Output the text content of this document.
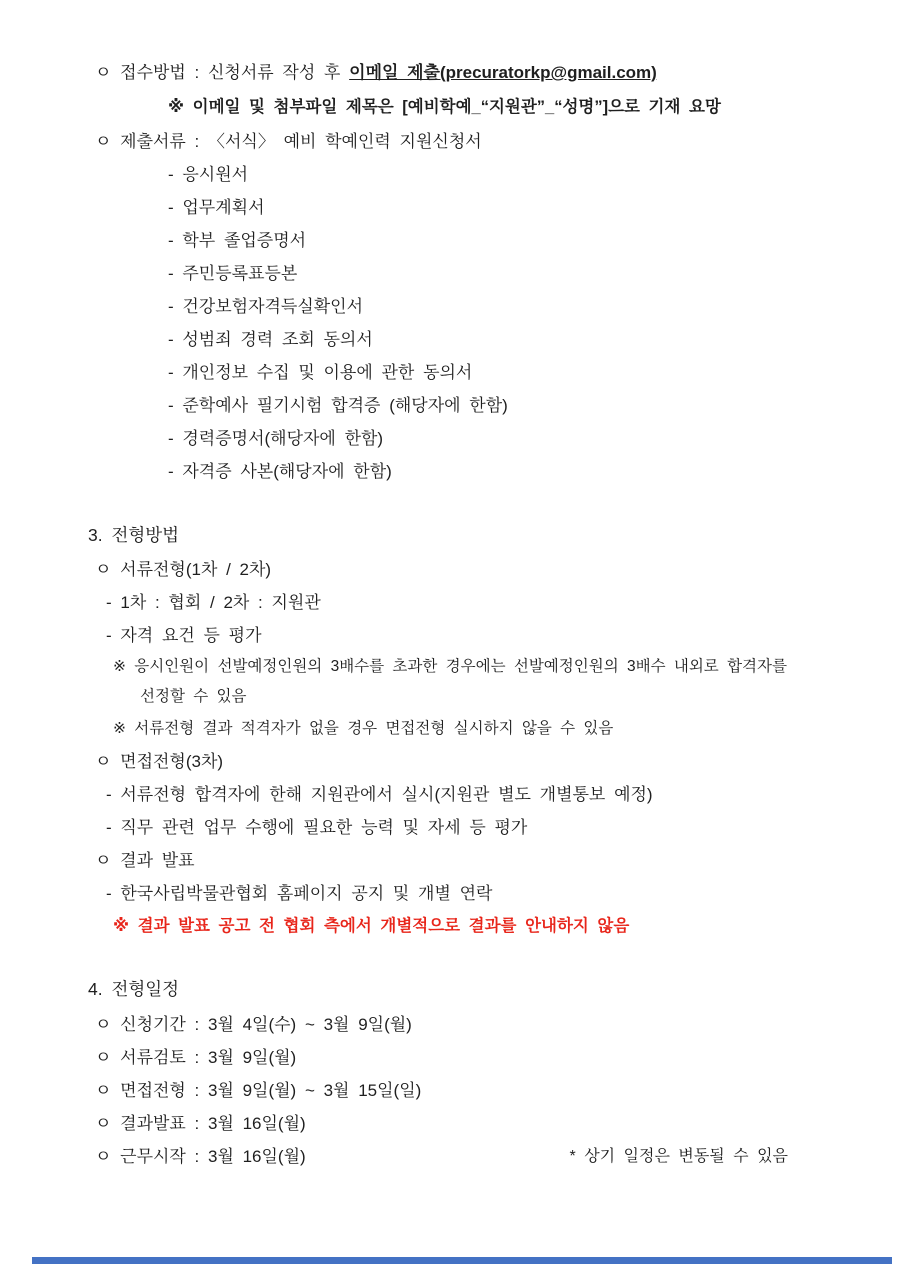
ㅇ 접수방법 : 신청서류 작성 후 이메일 제출(precuratorkp@gmail.com)
※ 이메일 및 첨부파일 제목은 [예비학예_“지원관”_“성명”]으로 기재 요망
ㅇ 제출서류 : 〈서식〉 예비 학예인력 지원신청서
- 응시원서
- 업무계획서
- 학부 졸업증명서
- 주민등록표등본
- 건강보험자격득실확인서
- 성범죄 경력 조회 동의서
- 개인정보 수집 및 이용에 관한 동의서
- 준학예사 필기시험 합격증 (해당자에 한함)
- 경력증명서(해당자에 한함)
- 자격증 사본(해당자에 한함)
3. 전형방법
ㅇ 서류전형(1차 / 2차)
- 1차 : 협회 / 2차 : 지원관
- 자격 요건 등 평가
※ 응시인원이 선발예정인원의 3배수를 초과한 경우에는 선발예정인원의 3배수 내외로 합격자를
선정할 수 있음
※ 서류전형 결과 적격자가 없을 경우 면접전형 실시하지 않을 수 있음
ㅇ 면접전형(3차)
- 서류전형 합격자에 한해 지원관에서 실시(지원관 별도 개별통보 예정)
- 직무 관련 업무 수행에 필요한 능력 및 자세 등 평가
ㅇ 결과 발표
- 한국사립박물관협회 홈페이지 공지 및 개별 연락
※ 결과 발표 공고 전 협회 측에서 개별적으로 결과를 안내하지 않음
4. 전형일정
ㅇ 신청기간 : 3월 4일(수) ~ 3월 9일(월)
ㅇ 서류검토 : 3월 9일(월)
ㅇ 면접전형 : 3월 9일(월) ~ 3월 15일(일)
ㅇ 결과발표 : 3월 16일(월)
ㅇ 근무시작 : 3월 16일(월)	* 상기 일정은 변동될 수 있음
